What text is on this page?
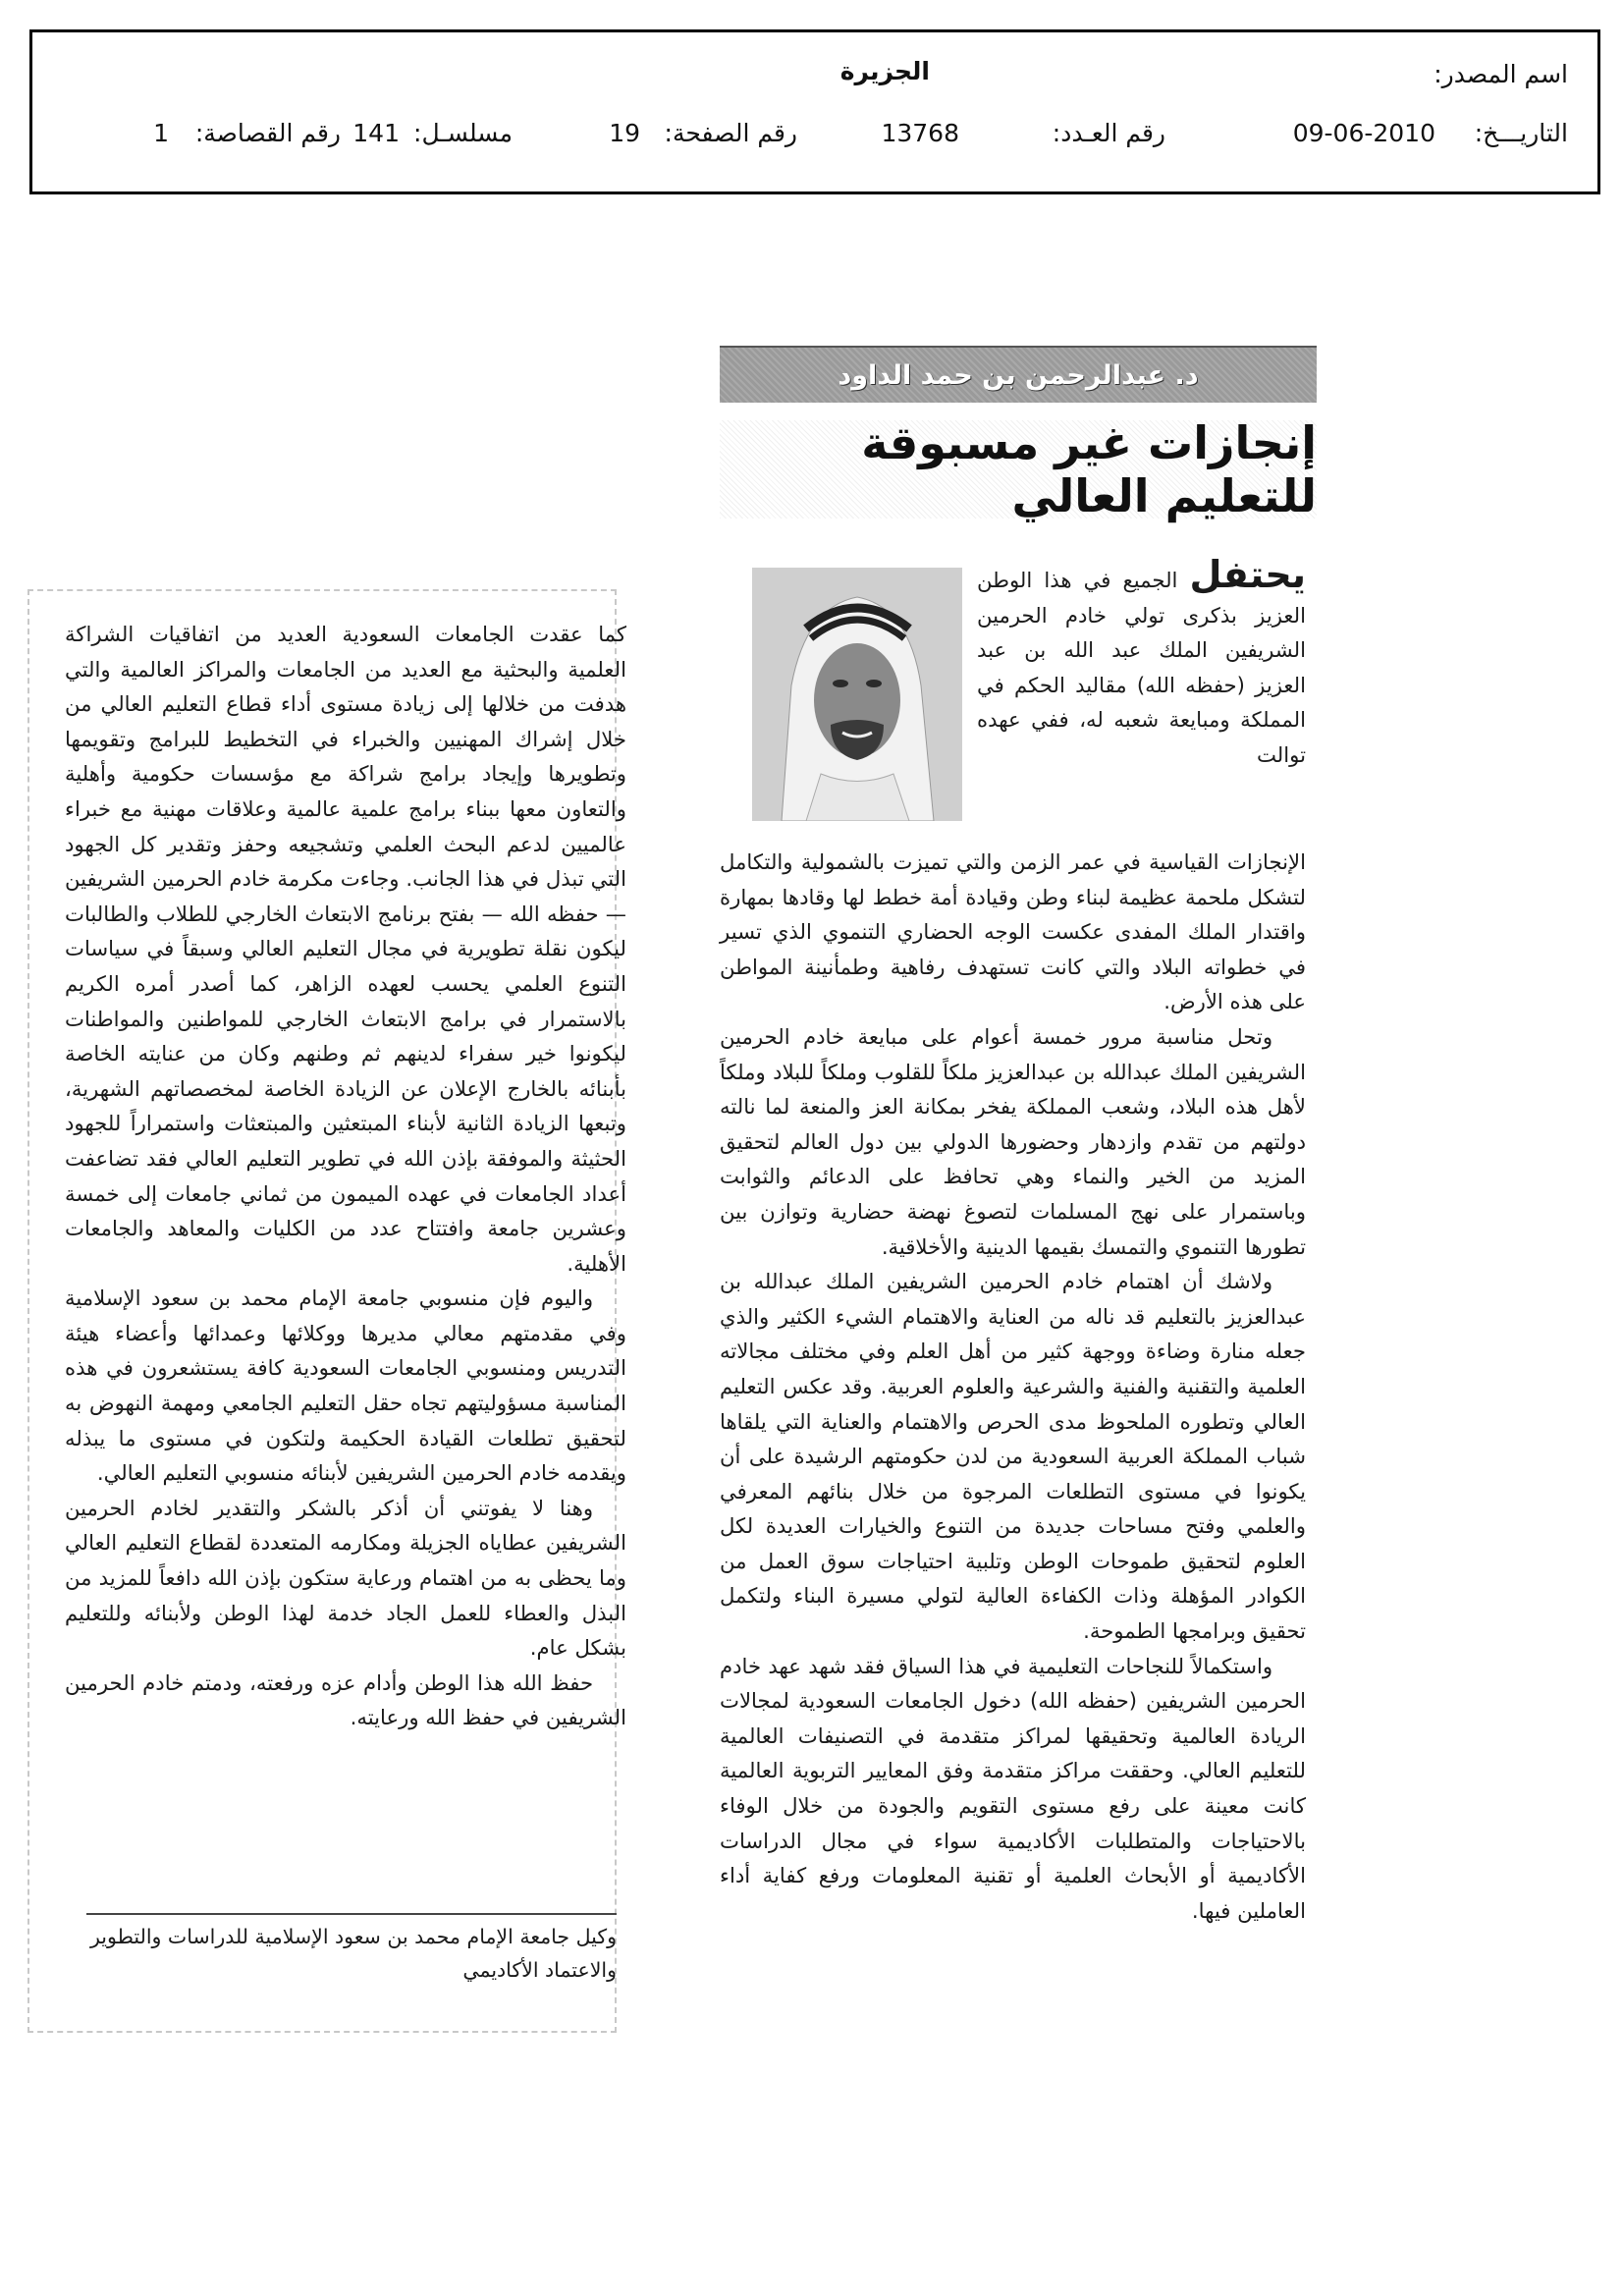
اسم المصدر:
الجزيرة
التاريـــخ:
09-06-2010
رقم العـدد:
13768
رقم الصفحة:
19
مسلسـل:
141
رقم القصاصة:
1
د. عبدالرحمن بن حمد الداود
إنجازات غير مسبوقة للتعليم العالي

يحتفل الجميع في هذا الوطن العزيز بذكرى تولي خادم الحرمين الشريفين الملك عبد الله بن عبد العزيز (حفظه الله) مقاليد الحكم في المملكة ومبايعة شعبه له، ففي عهده توالت

الإنجازات القياسية في عمر الزمن والتي تميزت بالشمولية والتكامل لتشكل ملحمة عظيمة لبناء وطن وقيادة أمة خطط لها وقادها بمهارة واقتدار الملك المفدى عكست الوجه الحضاري التنموي الذي تسير في خطواته البلاد والتي كانت تستهدف رفاهية وطمأنينة المواطن على هذه الأرض.

وتحل مناسبة مرور خمسة أعوام على مبايعة خادم الحرمين الشريفين الملك عبدالله بن عبدالعزيز ملكاً للقلوب وملكاً للبلاد وملكاً لأهل هذه البلاد، وشعب المملكة يفخر بمكانة العز والمنعة لما نالته دولتهم من تقدم وازدهار وحضورها الدولي بين دول العالم لتحقيق المزيد من الخير والنماء وهي تحافظ على الدعائم والثوابت وباستمرار على نهج المسلمات لتصوغ نهضة حضارية وتوازن بين تطورها التنموي والتمسك بقيمها الدينية والأخلاقية.

ولاشك أن اهتمام خادم الحرمين الشريفين الملك عبدالله بن عبدالعزيز بالتعليم قد ناله من العناية والاهتمام الشيء الكثير والذي جعله منارة وضاءة ووجهة كثير من أهل العلم وفي مختلف مجالاته العلمية والتقنية والفنية والشرعية والعلوم العربية. وقد عكس التعليم العالي وتطوره الملحوظ مدى الحرص والاهتمام والعناية التي يلقاها شباب المملكة العربية السعودية من لدن حكومتهم الرشيدة على أن يكونوا في مستوى التطلعات المرجوة من خلال بنائهم المعرفي والعلمي وفتح مساحات جديدة من التنوع والخيارات العديدة لكل العلوم لتحقيق طموحات الوطن وتلبية احتياجات سوق العمل من الكوادر المؤهلة وذات الكفاءة العالية لتولي مسيرة البناء ولتكمل تحقيق وبرامجها الطموحة.

واستكمالاً للنجاحات التعليمية في هذا السياق فقد شهد عهد خادم الحرمين الشريفين (حفظه الله) دخول الجامعات السعودية لمجالات الريادة العالمية وتحقيقها لمراكز متقدمة في التصنيفات العالمية للتعليم العالي. وحققت مراكز متقدمة وفق المعايير التربوية العالمية كانت معينة على رفع مستوى التقويم والجودة من خلال الوفاء بالاحتياجات والمتطلبات الأكاديمية سواء في مجال الدراسات الأكاديمية أو الأبحاث العلمية أو تقنية المعلومات ورفع كفاية أداء العاملين فيها.

كما عقدت الجامعات السعودية العديد من اتفاقيات الشراكة العلمية والبحثية مع العديد من الجامعات والمراكز العالمية والتي هدفت من خلالها إلى زيادة مستوى أداء قطاع التعليم العالي من خلال إشراك المهنيين والخبراء في التخطيط للبرامج وتقويمها وتطويرها وإيجاد برامج شراكة مع مؤسسات حكومية وأهلية والتعاون معها ببناء برامج علمية عالمية وعلاقات مهنية مع خبراء عالميين لدعم البحث العلمي وتشجيعه وحفز وتقدير كل الجهود التي تبذل في هذا الجانب. وجاءت مكرمة خادم الحرمين الشريفين — حفظه الله — بفتح برنامج الابتعاث الخارجي للطلاب والطالبات ليكون نقلة تطويرية في مجال التعليم العالي وسبقاً في سياسات التنوع العلمي يحسب لعهده الزاهر، كما أصدر أمره الكريم بالاستمرار في برامج الابتعاث الخارجي للمواطنين والمواطنات ليكونوا خير سفراء لدينهم ثم وطنهم وكان من عنايته الخاصة بأبنائه بالخارج الإعلان عن الزيادة الخاصة لمخصصاتهم الشهرية، وتبعها الزيادة الثانية لأبناء المبتعثين والمبتعثات واستمراراً للجهود الحثيثة والموفقة بإذن الله في تطوير التعليم العالي فقد تضاعفت أعداد الجامعات في عهده الميمون من ثماني جامعات إلى خمسة وعشرين جامعة وافتتاح عدد من الكليات والمعاهد والجامعات الأهلية.

واليوم فإن منسوبي جامعة الإمام محمد بن سعود الإسلامية وفي مقدمتهم معالي مديرها ووكلائها وعمدائها وأعضاء هيئة التدريس ومنسوبي الجامعات السعودية كافة يستشعرون في هذه المناسبة مسؤوليتهم تجاه حقل التعليم الجامعي ومهمة النهوض به لتحقيق تطلعات القيادة الحكيمة ولتكون في مستوى ما يبذله ويقدمه خادم الحرمين الشريفين لأبنائه منسوبي التعليم العالي.

وهنا لا يفوتني أن أذكر بالشكر والتقدير لخادم الحرمين الشريفين عطاياه الجزيلة ومكارمه المتعددة لقطاع التعليم العالي وما يحظى به من اهتمام ورعاية ستكون بإذن الله دافعاً للمزيد من البذل والعطاء للعمل الجاد خدمة لهذا الوطن ولأبنائه وللتعليم بشكل عام.

حفظ الله هذا الوطن وأدام عزه ورفعته، ودمتم خادم الحرمين الشريفين في حفظ الله ورعايته.

وكيل جامعة الإمام محمد بن سعود الإسلامية للدراسات والتطوير والاعتماد الأكاديمي
